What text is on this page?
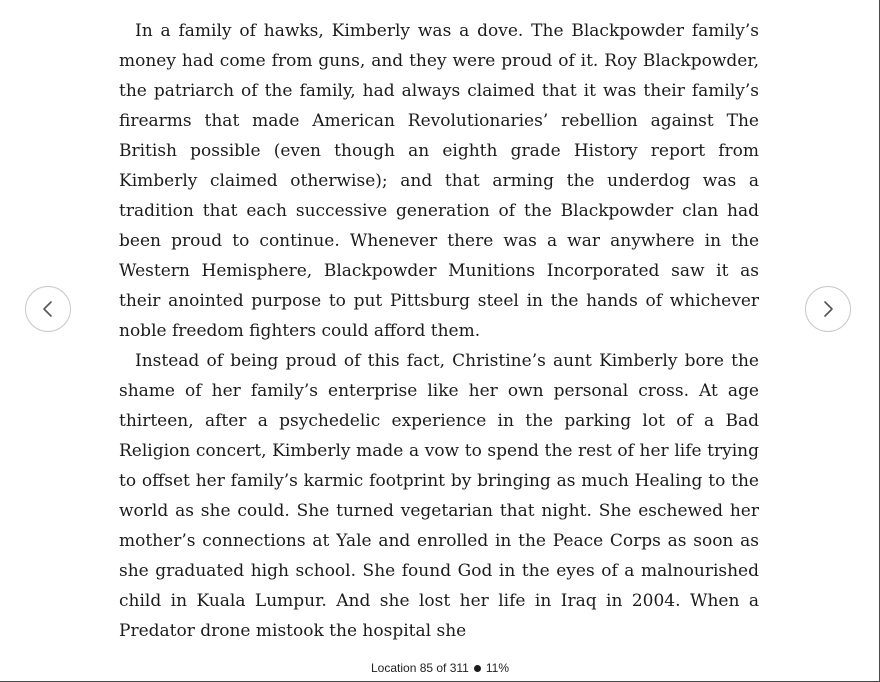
In a family of hawks, Kimberly was a dove. The Blackpowder family’s money had come from guns, and they were proud of it. Roy Blackpowder, the patriarch of the family, had always claimed that it was their family’s firearms that made American Revolutionaries’ rebellion against The British possible (even though an eighth grade History report from Kimberly claimed otherwise); and that arming the underdog was a tradition that each successive generation of the Blackpowder clan had been proud to continue. Whenever there was a war anywhere in the Western Hemisphere, Blackpowder Munitions Incorporated saw it as their anointed purpose to put Pittsburg steel in the hands of whichever noble freedom fighters could afford them.

Instead of being proud of this fact, Christine’s aunt Kimberly bore the shame of her family’s enterprise like her own personal cross. At age thirteen, after a psychedelic experience in the parking lot of a Bad Religion concert, Kimberly made a vow to spend the rest of her life trying to offset her family’s karmic footprint by bringing as much Healing to the world as she could. She turned vegetarian that night. She eschewed her mother’s connections at Yale and enrolled in the Peace Corps as soon as she graduated high school. She found God in the eyes of a malnourished child in Kuala Lumpur. And she lost her life in Iraq in 2004. When a Predator drone mistook the hospital she

Location 85 of 311 11%
